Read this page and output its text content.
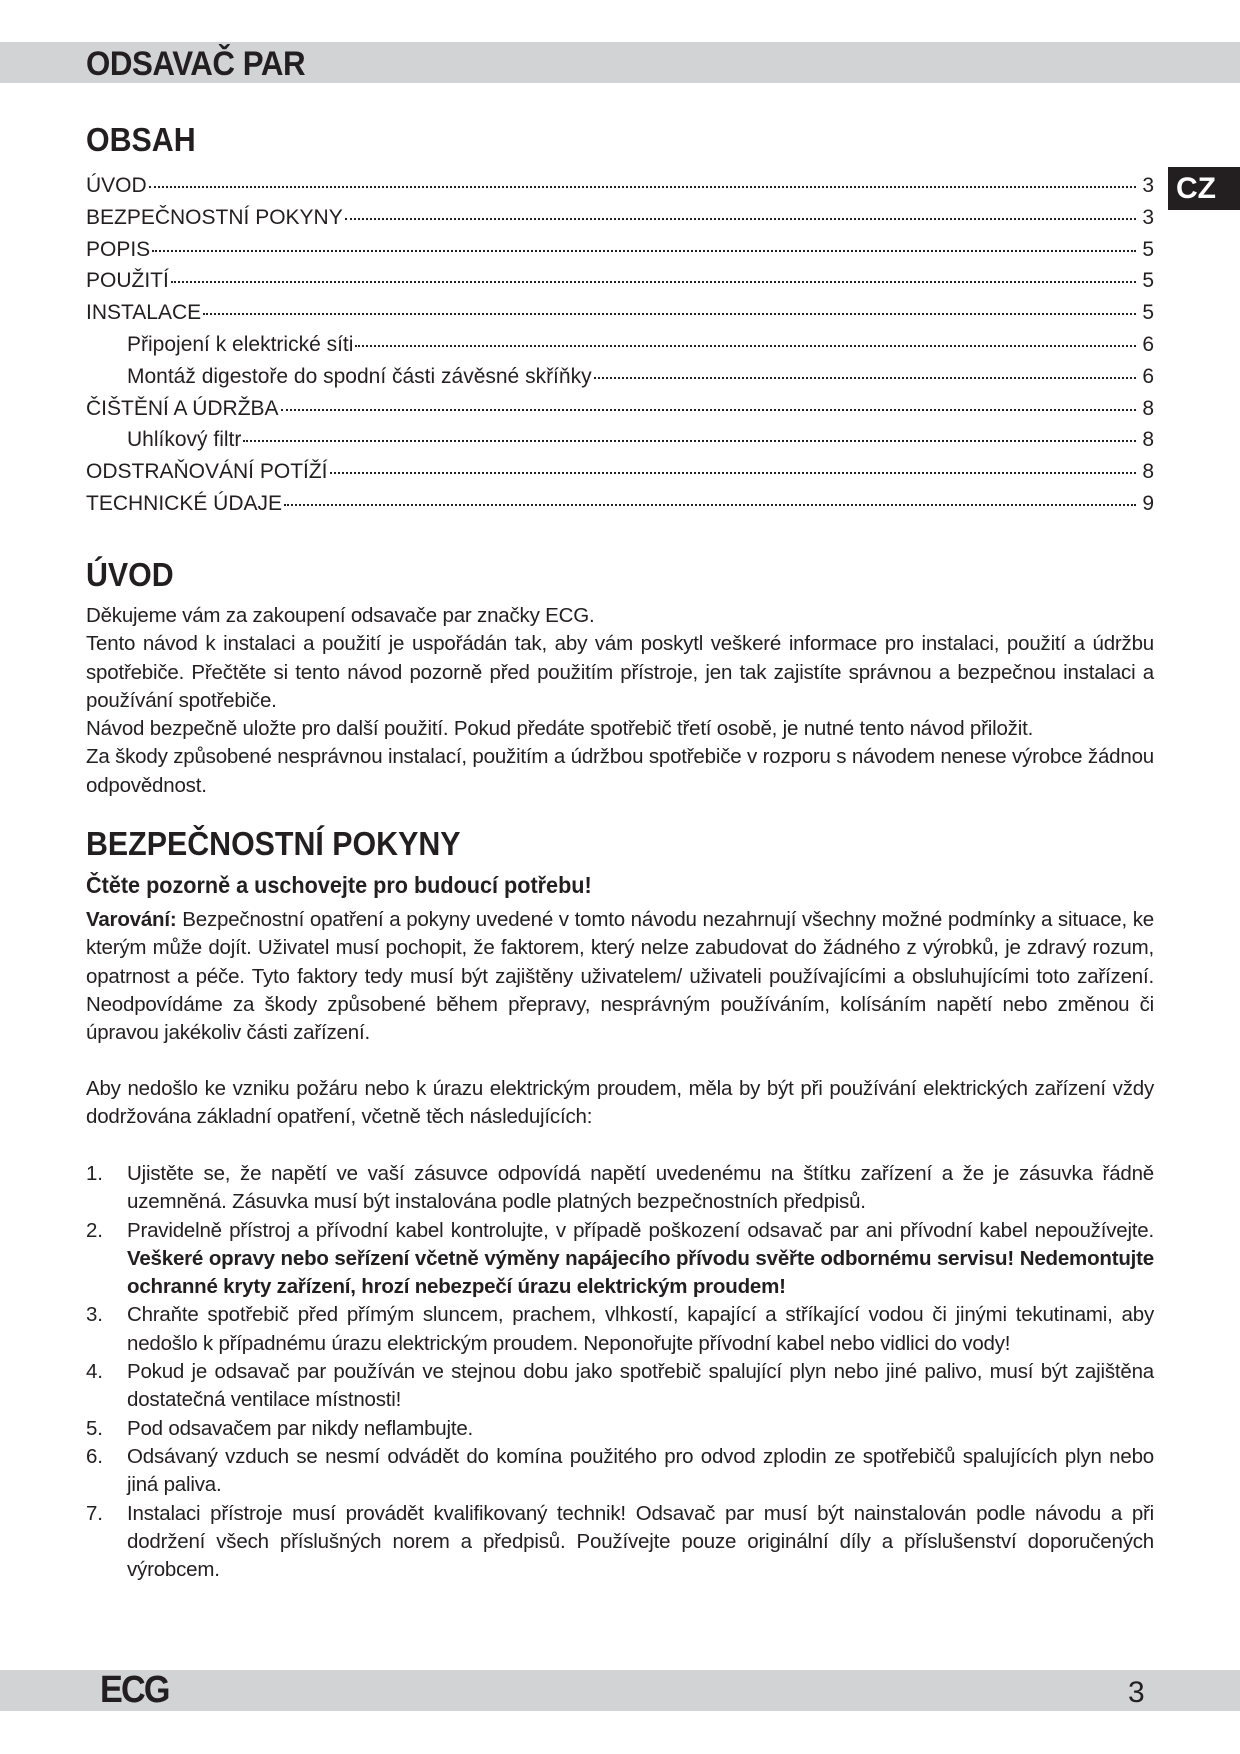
ODSAVAČ PAR
CZ
OBSAH
ÚVOD	3
BEZPEČNOSTNÍ POKYNY	3
POPIS	5
POUŽITÍ	5
INSTALACE	5
Připojení k elektrické síti	6
Montáž digestoře do spodní části závěsné skříňky	6
ČIŠTĚNÍ A ÚDRŽBA	8
Uhlíkový filtr	8
ODSTRAŇOVÁNÍ POTÍŽÍ	8
TECHNICKÉ ÚDAJE	9
ÚVOD
Děkujeme vám za zakoupení odsavače par značky ECG.
Tento návod k instalaci a použití je uspořádán tak, aby vám poskytl veškeré informace pro instalaci, použití a údržbu spotřebiče. Přečtěte si tento návod pozorně před použitím přístroje, jen tak zajistíte správnou a bezpečnou instalaci a používání spotřebiče.
Návod bezpečně uložte pro další použití. Pokud předáte spotřebič třetí osobě, je nutné tento návod přiložit.
Za škody způsobené nesprávnou instalací, použitím a údržbou spotřebiče v rozporu s návodem nenese výrobce žádnou odpovědnost.
BEZPEČNOSTNÍ POKYNY
Čtěte pozorně a uschovejte pro budoucí potřebu!

Varování: Bezpečnostní opatření a pokyny uvedené v tomto návodu nezahrnují všechny možné podmínky a situace, ke kterým může dojít. Uživatel musí pochopit, že faktorem, který nelze zabudovat do žádného z výrobků, je zdravý rozum, opatrnost a péče. Tyto faktory tedy musí být zajištěny uživatelem/ uživateli používajícími a obsluhujícími toto zařízení. Neodpovídáme za škody způsobené během přepravy, nesprávným používáním, kolísáním napětí nebo změnou či úpravou jakékoliv části zařízení.

Aby nedošlo ke vzniku požáru nebo k úrazu elektrickým proudem, měla by být při používání elektrických zařízení vždy dodržována základní opatření, včetně těch následujících:

1. Ujistěte se, že napětí ve vaší zásuvce odpovídá napětí uvedenému na štítku zařízení a že je zásuvka řádně uzemněná. Zásuvka musí být instalována podle platných bezpečnostních předpisů.
2. Pravidelně přístroj a přívodní kabel kontrolujte, v případě poškození odsavač par ani přívodní kabel nepoužívejte. Veškeré opravy nebo seřízení včetně výměny napájecího přívodu svěřte odbornému servisu! Nedemontujte ochranné kryty zařízení, hrozí nebezpečí úrazu elektrickým proudem!
3. Chraňte spotřebič před přímým sluncem, prachem, vlhkostí, kapající a stříkající vodou či jinými tekutinami, aby nedošlo k případnému úrazu elektrickým proudem. Neponořujte přívodní kabel nebo vidlici do vody!
4. Pokud je odsavač par používán ve stejnou dobu jako spotřebič spalující plyn nebo jiné palivo, musí být zajištěna dostatečná ventilace místnosti!
5. Pod odsavačem par nikdy neflambujte.
6. Odsávaný vzduch se nesmí odvádět do komína použitého pro odvod zplodin ze spotřebičů spalujících plyn nebo jiná paliva.
7. Instalaci přístroje musí provádět kvalifikovaný technik! Odsavač par musí být nainstalován podle návodu a při dodržení všech příslušných norem a předpisů. Používejte pouze originální díly a příslušenství doporučených výrobcem.
ECG	3
